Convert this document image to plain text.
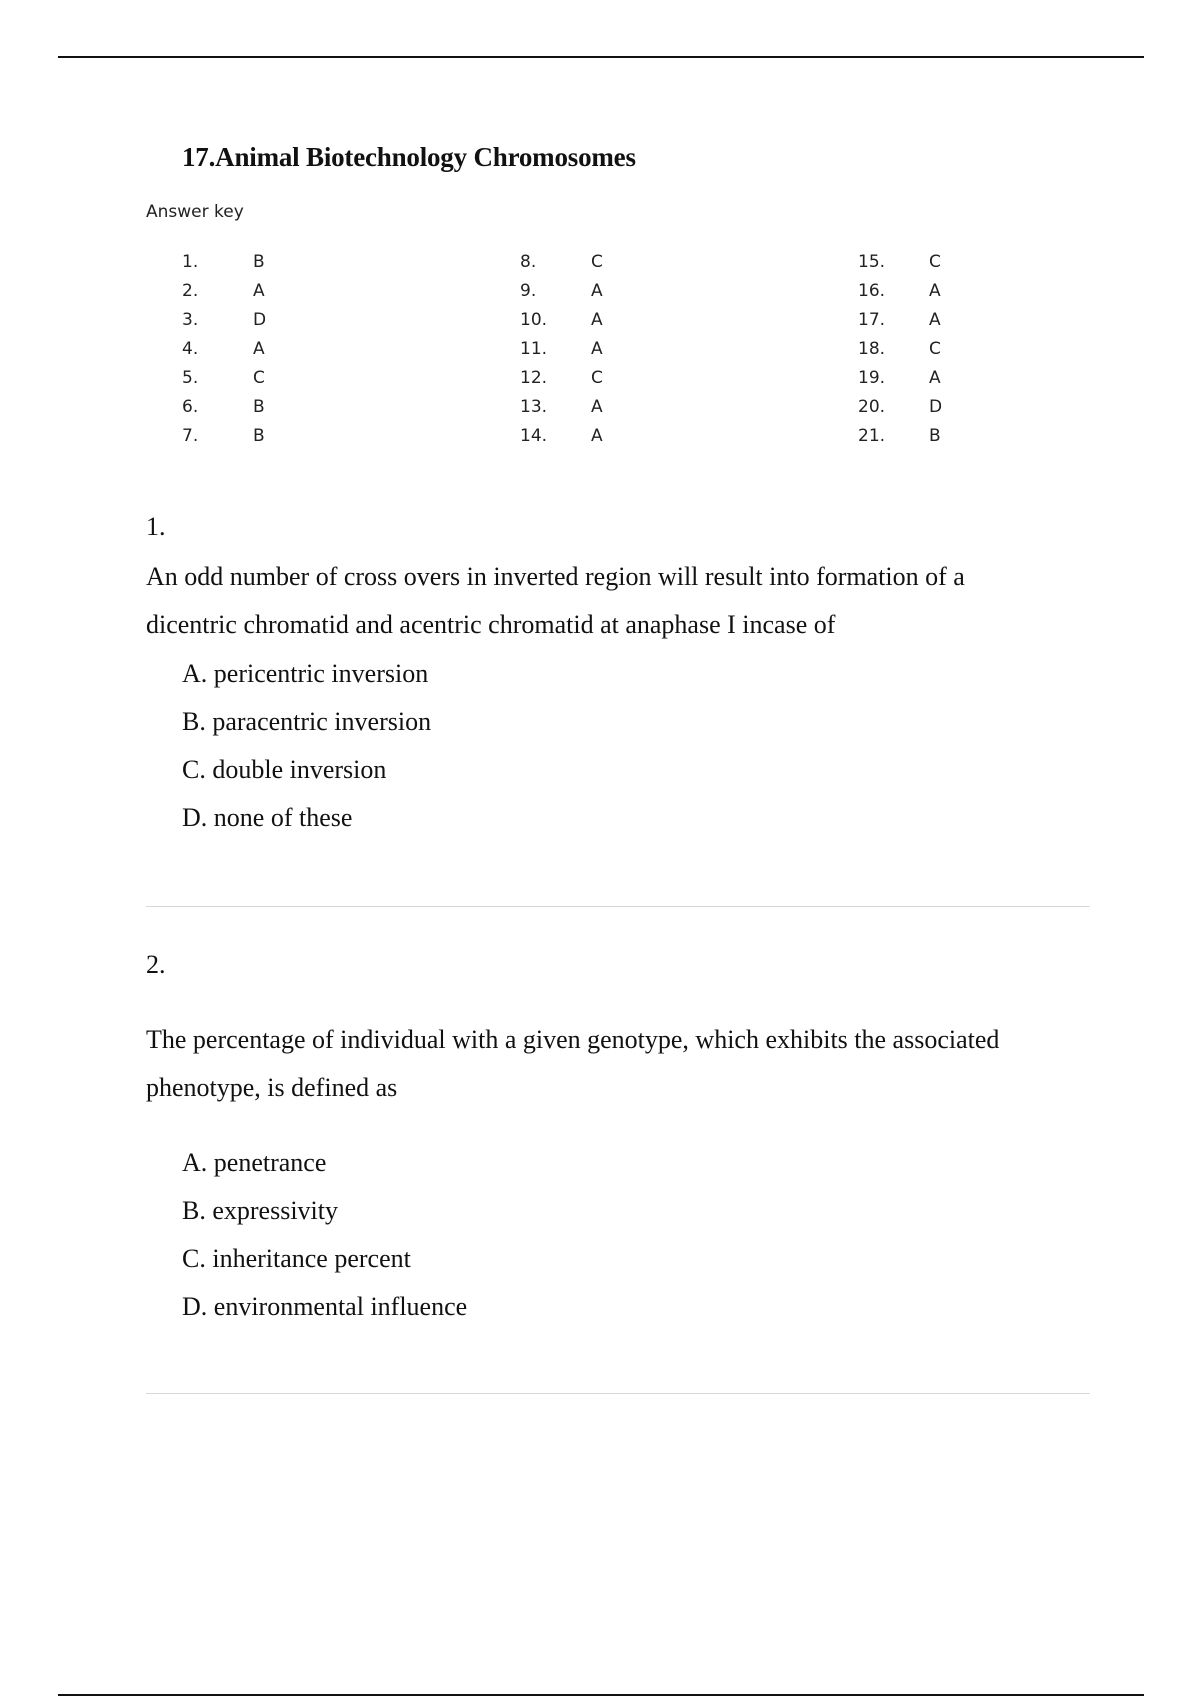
17.Animal Biotechnology Chromosomes
Answer key
1.	B
2.	A
3.	D
4.	A
5.	C
6.	B
7.	B
8.	C
9.	A
10.	A
11.	A
12.	C
13.	A
14.	A
15.	C
16.	A
17.	A
18.	C
19.	A
20.	D
21.	B
1.
An odd number of cross overs in inverted region will result into formation of a
dicentric chromatid and acentric chromatid at anaphase I incase of
A. pericentric inversion
B. paracentric inversion
C. double inversion
D. none of these
2.
The percentage of individual with a given genotype, which exhibits the associated
phenotype, is defined as
A. penetrance
B. expressivity
C. inheritance percent
D. environmental influence
